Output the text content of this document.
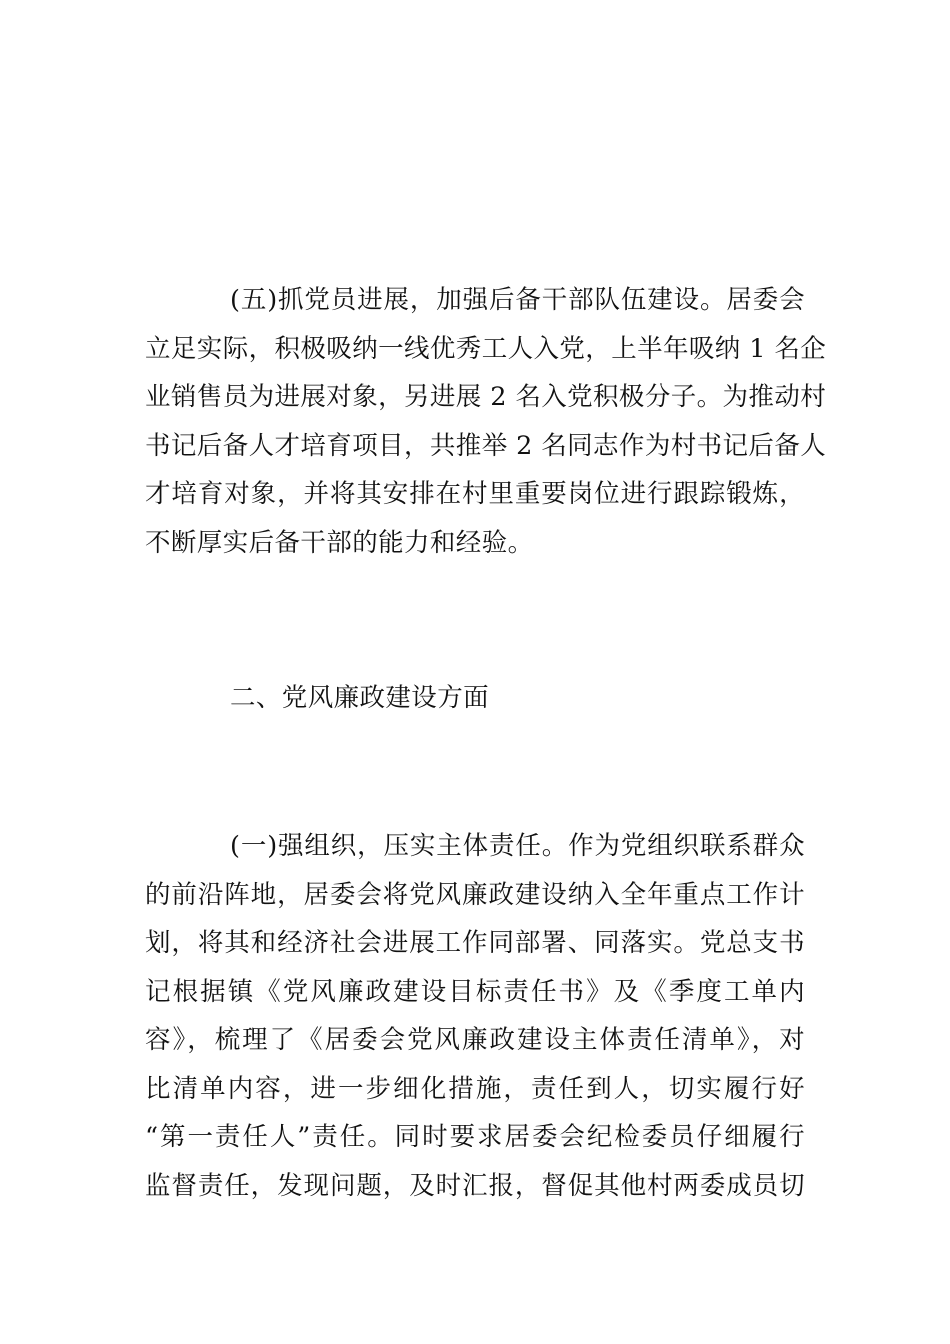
(五)抓党员进展，加强后备干部队伍建设。居委会
立足实际，积极吸纳一线优秀工人入党，上半年吸纳 1 名企
业销售员为进展对象，另进展 2 名入党积极分子。为推动村
书记后备人才培育项目，共推举 2 名同志作为村书记后备人
才培育对象，并将其安排在村里重要岗位进行跟踪锻炼，
不断厚实后备干部的能力和经验。
二、党风廉政建设方面
(一)强组织，压实主体责任。作为党组织联系群众
的前沿阵地，居委会将党风廉政建设纳入全年重点工作计
划，将其和经济社会进展工作同部署、同落实。党总支书
记根据镇《党风廉政建设目标责任书》及《季度工单内
容》，梳理了《居委会党风廉政建设主体责任清单》，对
比清单内容，进一步细化措施，责任到人，切实履行好
“第一责任人”责任。同时要求居委会纪检委员仔细履行
监督责任，发现问题，及时汇报，督促其他村两委成员切
